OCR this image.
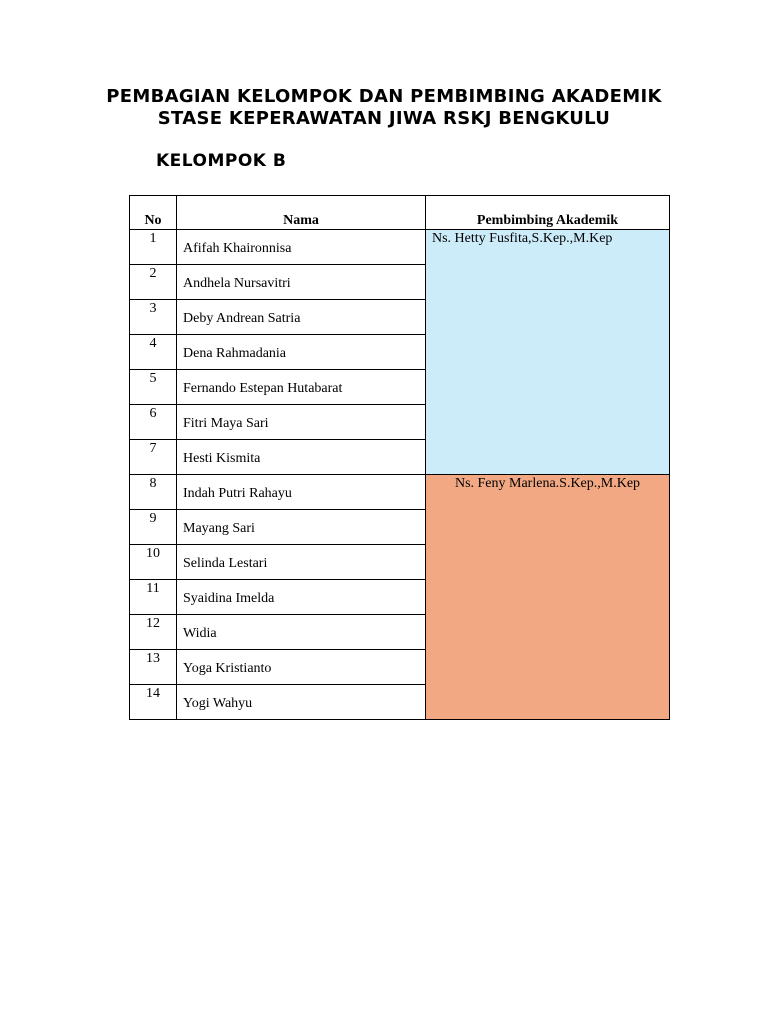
PEMBAGIAN KELOMPOK DAN PEMBIMBING AKADEMIK
STASE KEPERAWATAN JIWA RSKJ BENGKULU
KELOMPOK B
No	Nama	Pembimbing Akademik
1	Afifah Khaironnisa	Ns. Hetty Fusfita,S.Kep.,M.Kep
2	Andhela Nursavitri	
3	Deby Andrean Satria	
4	Dena Rahmadania	
5	Fernando Estepan Hutabarat	
6	Fitri Maya Sari	
7	Hesti Kismita	
8	Indah Putri Rahayu	Ns. Feny Marlena.S.Kep.,M.Kep
9	Mayang Sari	
10	Selinda Lestari	
11	Syaidina Imelda	
12	Widia	
13	Yoga Kristianto	
14	Yogi Wahyu	
